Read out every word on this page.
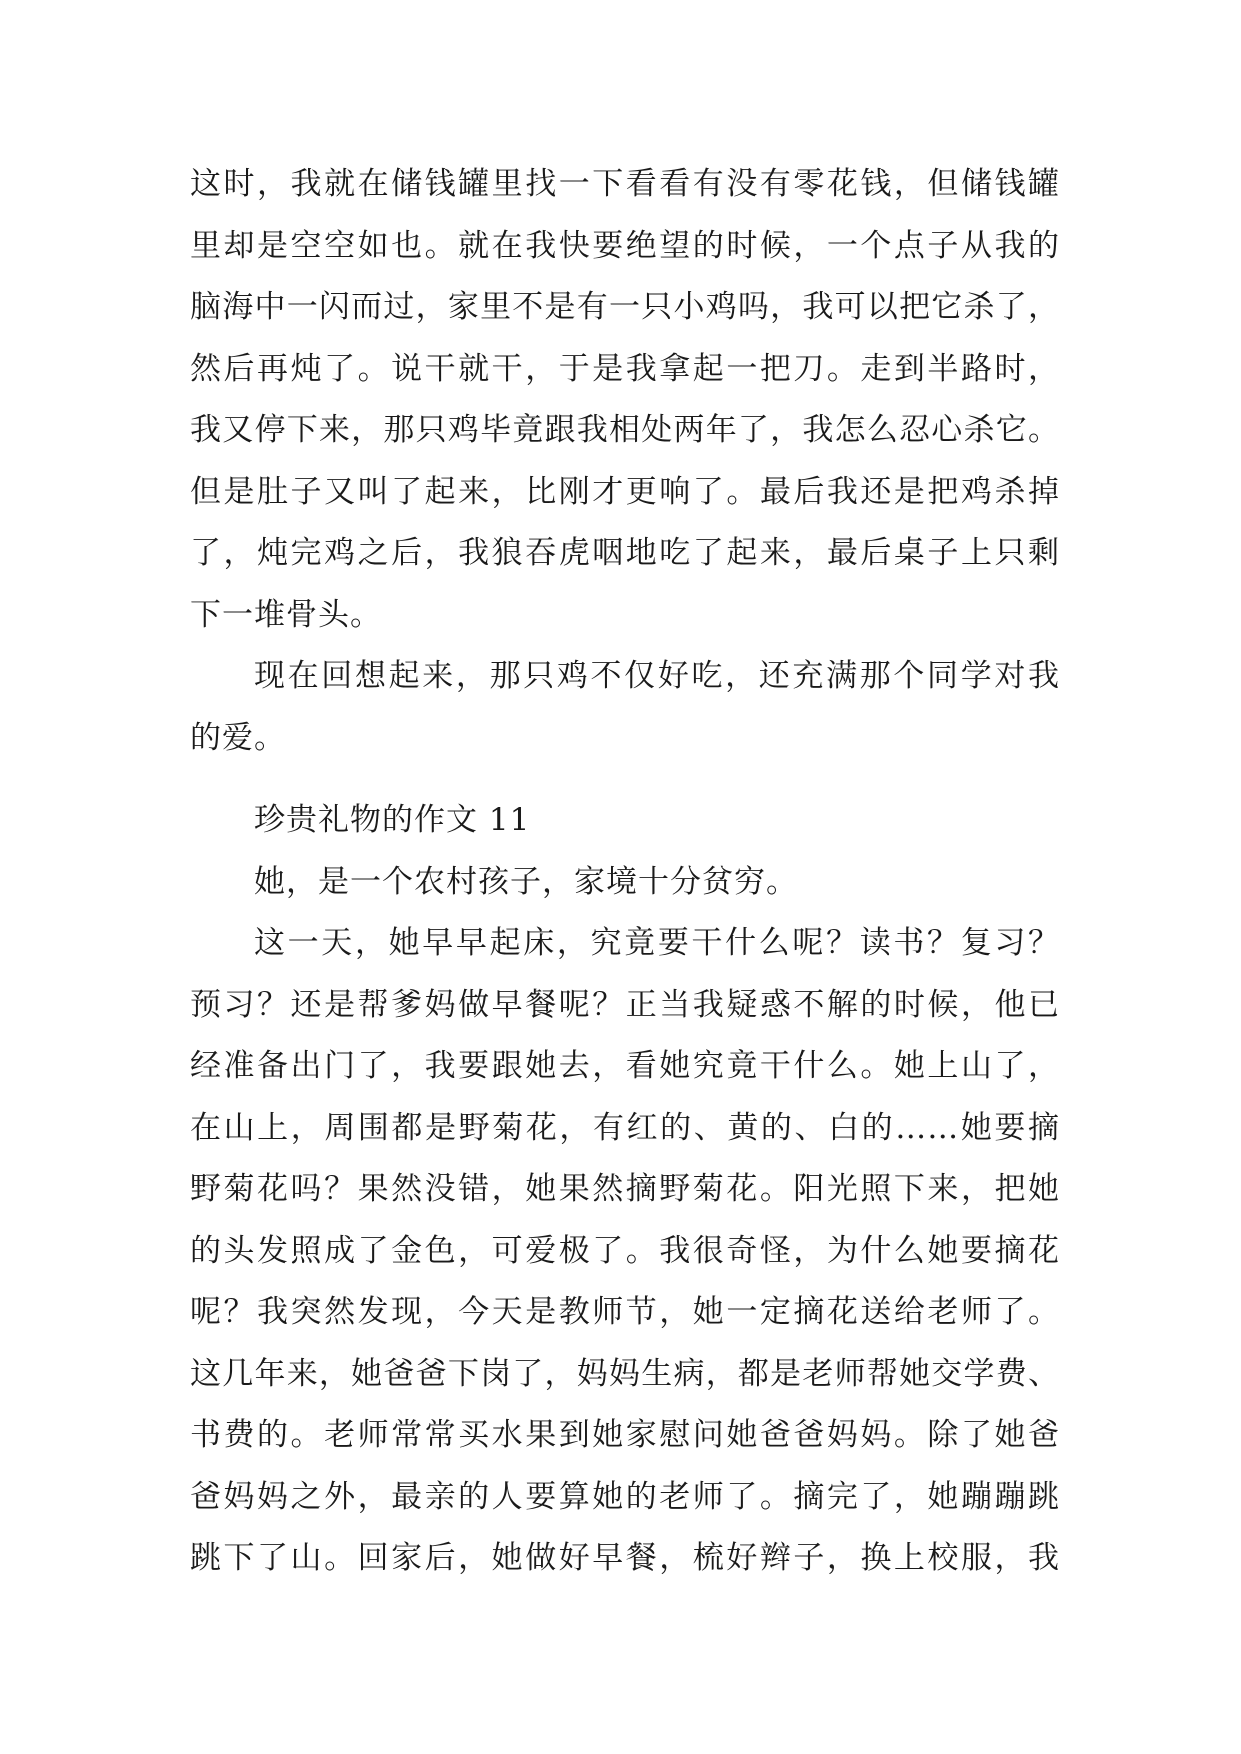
这时，我就在储钱罐里找一下看看有没有零花钱，但储钱罐
里却是空空如也。就在我快要绝望的时候，一个点子从我的
脑海中一闪而过，家里不是有一只小鸡吗，我可以把它杀了，
然后再炖了。说干就干，于是我拿起一把刀。走到半路时，
我又停下来，那只鸡毕竟跟我相处两年了，我怎么忍心杀它。
但是肚子又叫了起来，比刚才更响了。最后我还是把鸡杀掉
了，炖完鸡之后，我狼吞虎咽地吃了起来，最后桌子上只剩
下一堆骨头。
现在回想起来，那只鸡不仅好吃，还充满那个同学对我
的爱。
珍贵礼物的作文 11
她，是一个农村孩子，家境十分贫穷。
这一天，她早早起床，究竟要干什么呢？读书？复习？
预习？还是帮爹妈做早餐呢？正当我疑惑不解的时候，他已
经准备出门了，我要跟她去，看她究竟干什么。她上山了，
在山上，周围都是野菊花，有红的、黄的、白的……她要摘
野菊花吗？果然没错，她果然摘野菊花。阳光照下来，把她
的头发照成了金色，可爱极了。我很奇怪，为什么她要摘花
呢？我突然发现，今天是教师节，她一定摘花送给老师了。
这几年来，她爸爸下岗了，妈妈生病，都是老师帮她交学费、
书费的。老师常常买水果到她家慰问她爸爸妈妈。除了她爸
爸妈妈之外，最亲的人要算她的老师了。摘完了，她蹦蹦跳
跳下了山。回家后，她做好早餐，梳好辫子，换上校服，我
